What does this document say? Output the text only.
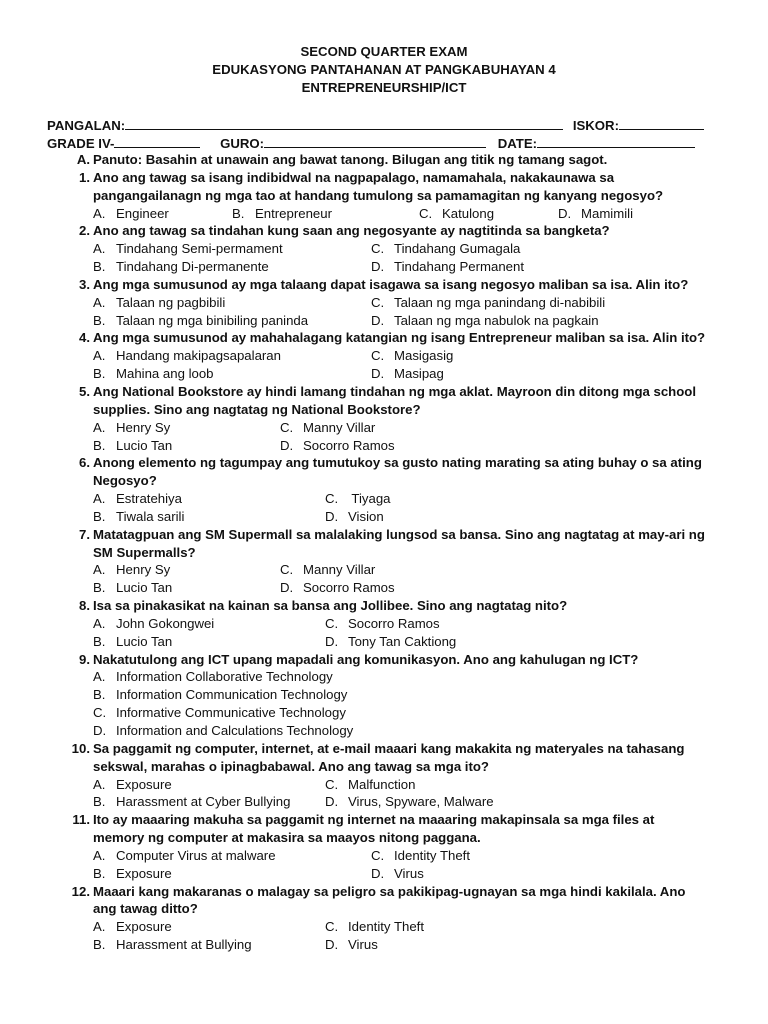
SECOND QUARTER EXAM
EDUKASYONG PANTAHANAN AT PANGKABUHAYAN 4
ENTREPRENEURSHIP/ICT
PANGALAN:	ISKOR:
GRADE IV-	GURO:	DATE:
A. Panuto: Basahin at unawain ang bawat tanong. Bilugan ang titik ng tamang sagot.
1. Ano ang tawag sa isang indibidwal na nagpapalago, namamahala, nakakaunawa sa
pangangailanagn ng mga tao at handang tumulong sa pamamagitan ng kanyang negosyo?
A. Engineer	B. Entrepreneur	C. Katulong	D. Mamimili
2. Ano ang tawag sa tindahan kung saan ang negosyante ay nagtitinda sa bangketa?
A. Tindahang Semi-permament	C. Tindahang Gumagala
B. Tindahang Di-permanente	D. Tindahang Permanent
3. Ang mga sumusunod ay mga talaang dapat isagawa sa isang negosyo maliban sa isa. Alin ito?
A. Talaan ng pagbibili	C. Talaan ng mga panindang di-nabibili
B. Talaan ng mga binibiling paninda	D. Talaan ng mga nabulok na pagkain
4. Ang mga sumusunod ay mahahalagang katangian ng isang Entrepreneur maliban sa isa. Alin ito?
A. Handang makipagsapalaran	C. Masigasig
B. Mahina ang loob	D. Masipag
5. Ang National Bookstore ay hindi lamang tindahan ng mga aklat. Mayroon din ditong mga school
supplies. Sino ang nagtatag ng National Bookstore?
A. Henry Sy	C. Manny Villar
B. Lucio Tan	D. Socorro Ramos
6. Anong elemento ng tagumpay ang tumutukoy sa gusto nating marating sa ating buhay o sa ating
Negosyo?
A. Estratehiya	C. Tiyaga
B. Tiwala sarili	D. Vision
7. Matatagpuan ang SM Supermall sa malalaking lungsod sa bansa. Sino ang nagtatag at may-ari ng
SM Supermalls?
A. Henry Sy	C. Manny Villar
B. Lucio Tan	D. Socorro Ramos
8. Isa sa pinakasikat na kainan sa bansa ang Jollibee. Sino ang nagtatag nito?
A. John Gokongwei	C. Socorro Ramos
B. Lucio Tan	D. Tony Tan Caktiong
9. Nakatutulong ang ICT upang mapadali ang komunikasyon. Ano ang kahulugan ng ICT?
A. Information Collaborative Technology
B. Information Communication Technology
C. Informative Communicative Technology
D. Information and Calculations Technology
10. Sa paggamit ng computer, internet, at e-mail maaari kang makakita ng materyales na tahasang
sekswal, marahas o ipinagbabawal. Ano ang tawag sa mga ito?
A. Exposure	C. Malfunction
B. Harassment at Cyber Bullying	D. Virus, Spyware, Malware
11. Ito ay maaaring makuha sa paggamit ng internet na maaaring makapinsala sa mga files at
memory ng computer at makasira sa maayos nitong paggana.
A. Computer Virus at malware	C. Identity Theft
B. Exposure	D. Virus
12. Maaari kang makaranas o malagay sa peligro sa pakikipag-ugnayan sa mga hindi kakilala. Ano
ang tawag ditto?
A. Exposure	C. Identity Theft
B. Harassment at Bullying	D. Virus
